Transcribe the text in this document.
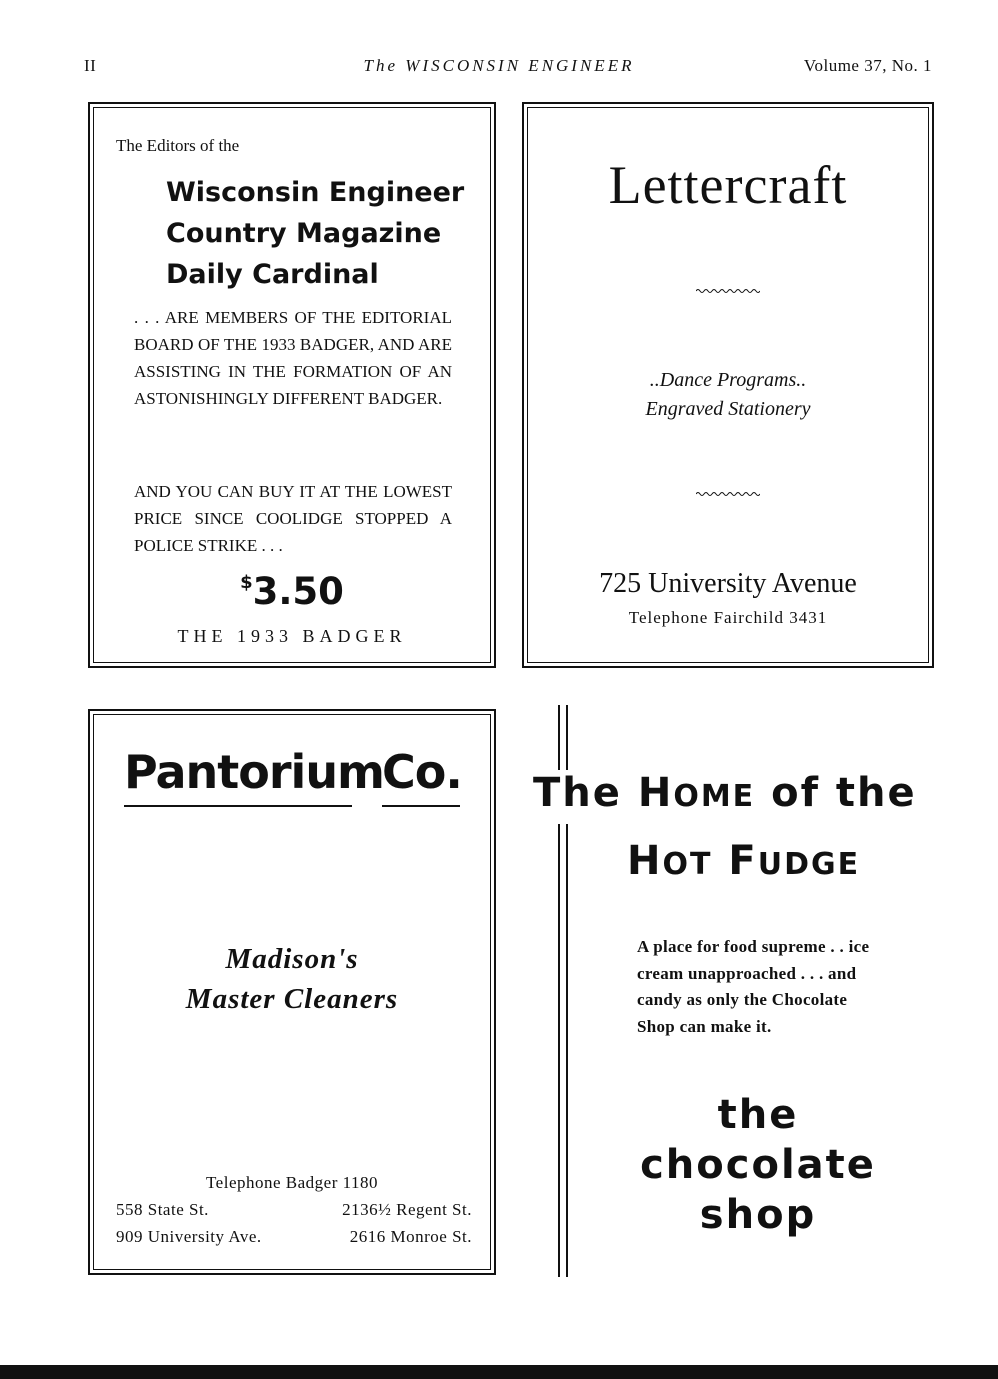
II	The WISCONSIN ENGINEER	Volume 37, No. 1
The Editors of the
Wisconsin Engineer
Country Magazine
Daily Cardinal
. . . ARE MEMBERS OF THE EDITORIAL BOARD OF THE 1933 BADGER, AND ARE ASSISTING IN THE FORMATION OF AN ASTONISHINGLY DIFFERENT BADGER.
AND YOU CAN BUY IT AT THE LOWEST PRICE SINCE COOLIDGE STOPPED A POLICE STRIKE . . .
$3.50
THE 1933 BADGER
Lettercraft
..Dance Programs..
Engraved Stationery
725 University Avenue
Telephone Fairchild 3431
Pantorium
Co.
Madison's
Master Cleaners
Telephone Badger 1180
558 State St.	2136½ Regent St.
909 University Ave.	2616 Monroe St.
The HOME of the
HOT FUDGE
A place for food supreme . . ice cream unapproached . . . and candy as only the Chocolate Shop can make it.
the
chocolate
shop
